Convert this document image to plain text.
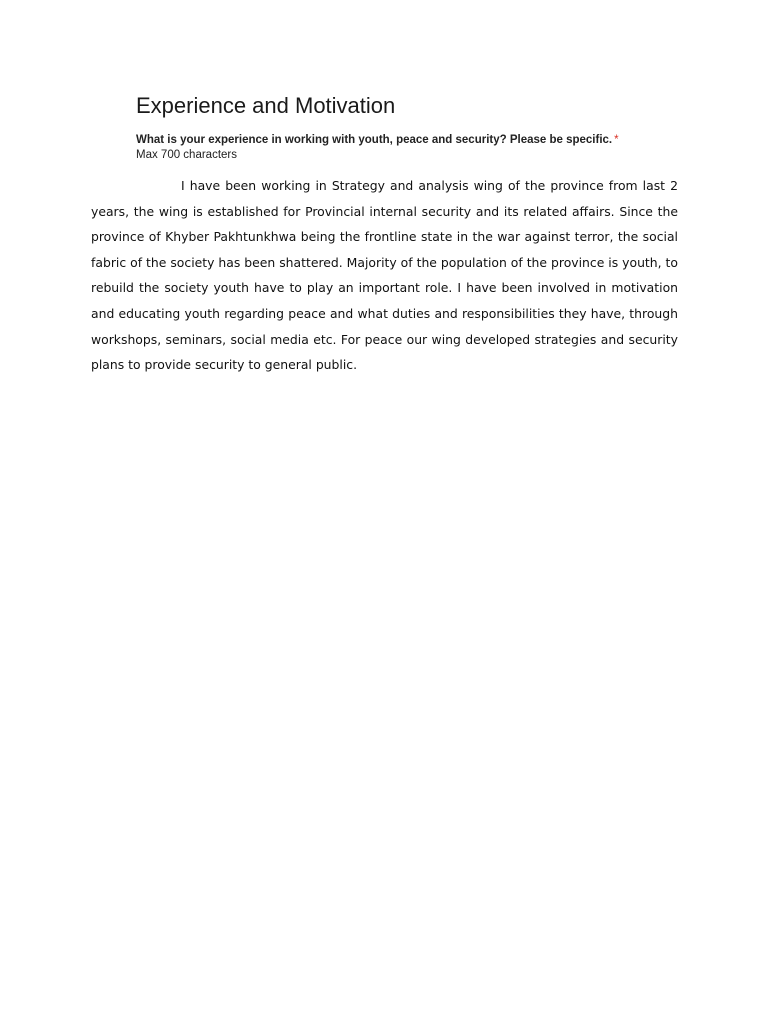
Experience and Motivation

What is your experience in working with youth, peace and security? Please be specific. *

Max 700 characters

I have been working in Strategy and analysis wing of the province from last 2 years, the wing is established for Provincial internal security and its related affairs. Since the province of Khyber Pakhtunkhwa being the frontline state in the war against terror, the social fabric of the society has been shattered. Majority of the population of the province is youth, to rebuild the society youth have to play an important role. I have been involved in motivation and educating youth regarding peace and what duties and responsibilities they have, through workshops, seminars, social media etc. For peace our wing developed strategies and security plans to provide security to general public.
